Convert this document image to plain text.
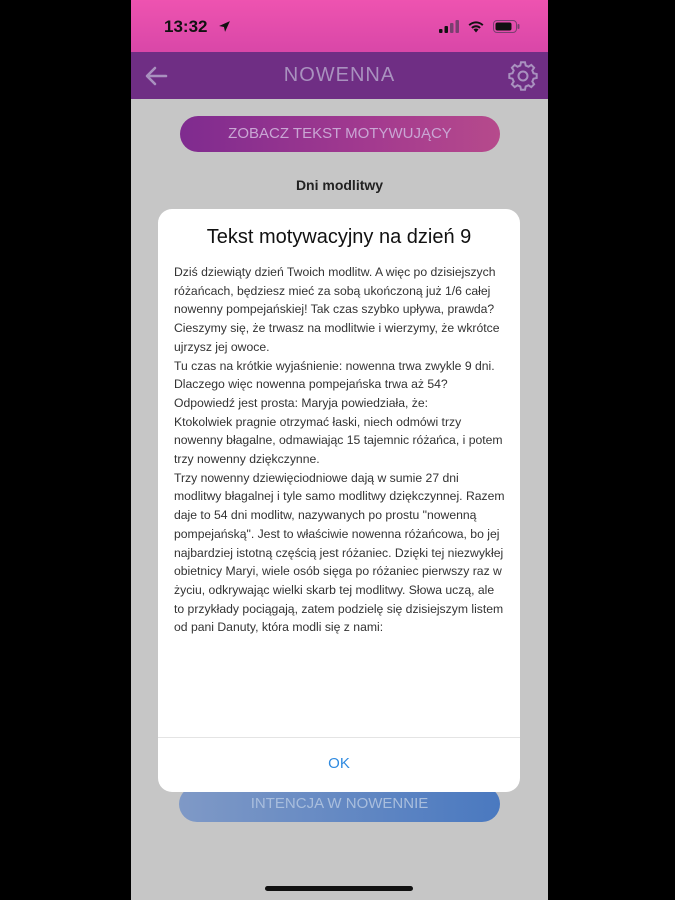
13:32
NOWENNA
ZOBACZ TEKST MOTYWUJĄCY
Dni modlitwy
INTENCJA W NOWENNIE
Tekst motywacyjny na dzień 9
Dziś dziewiąty dzień Twoich modlitw. A więc po dzisiejszych różańcach, będziesz mieć za sobą ukończoną już 1/6 całej nowenny pompejańskiej! Tak czas szybko upływa, prawda? Cieszymy się, że trwasz na modlitwie i wierzymy, że wkrótce ujrzysz jej owoce.
Tu czas na krótkie wyjaśnienie: nowenna trwa zwykle 9 dni. Dlaczego więc nowenna pompejańska trwa aż 54? Odpowiedź jest prosta: Maryja powiedziała, że:
Ktokolwiek pragnie otrzymać łaski, niech odmówi trzy nowenny błagalne, odmawiając 15 tajemnic różańca, i potem trzy nowenny dziękczynne.
Trzy nowenny dziewięciodniowe dają w sumie 27 dni modlitwy błagalnej i tyle samo modlitwy dziękczynnej. Razem daje to 54 dni modlitw, nazywanych po prostu "nowenną pompejańską". Jest to właściwie nowenna różańcowa, bo jej najbardziej istotną częścią jest różaniec. Dzięki tej niezwykłej obietnicy Maryi, wiele osób sięga po różaniec pierwszy raz w życiu, odkrywając wielki skarb tej modlitwy. Słowa uczą, ale to przykłady pociągają, zatem podzielę się dzisiejszym listem od pani Danuty, która modli się z nami:
OK
